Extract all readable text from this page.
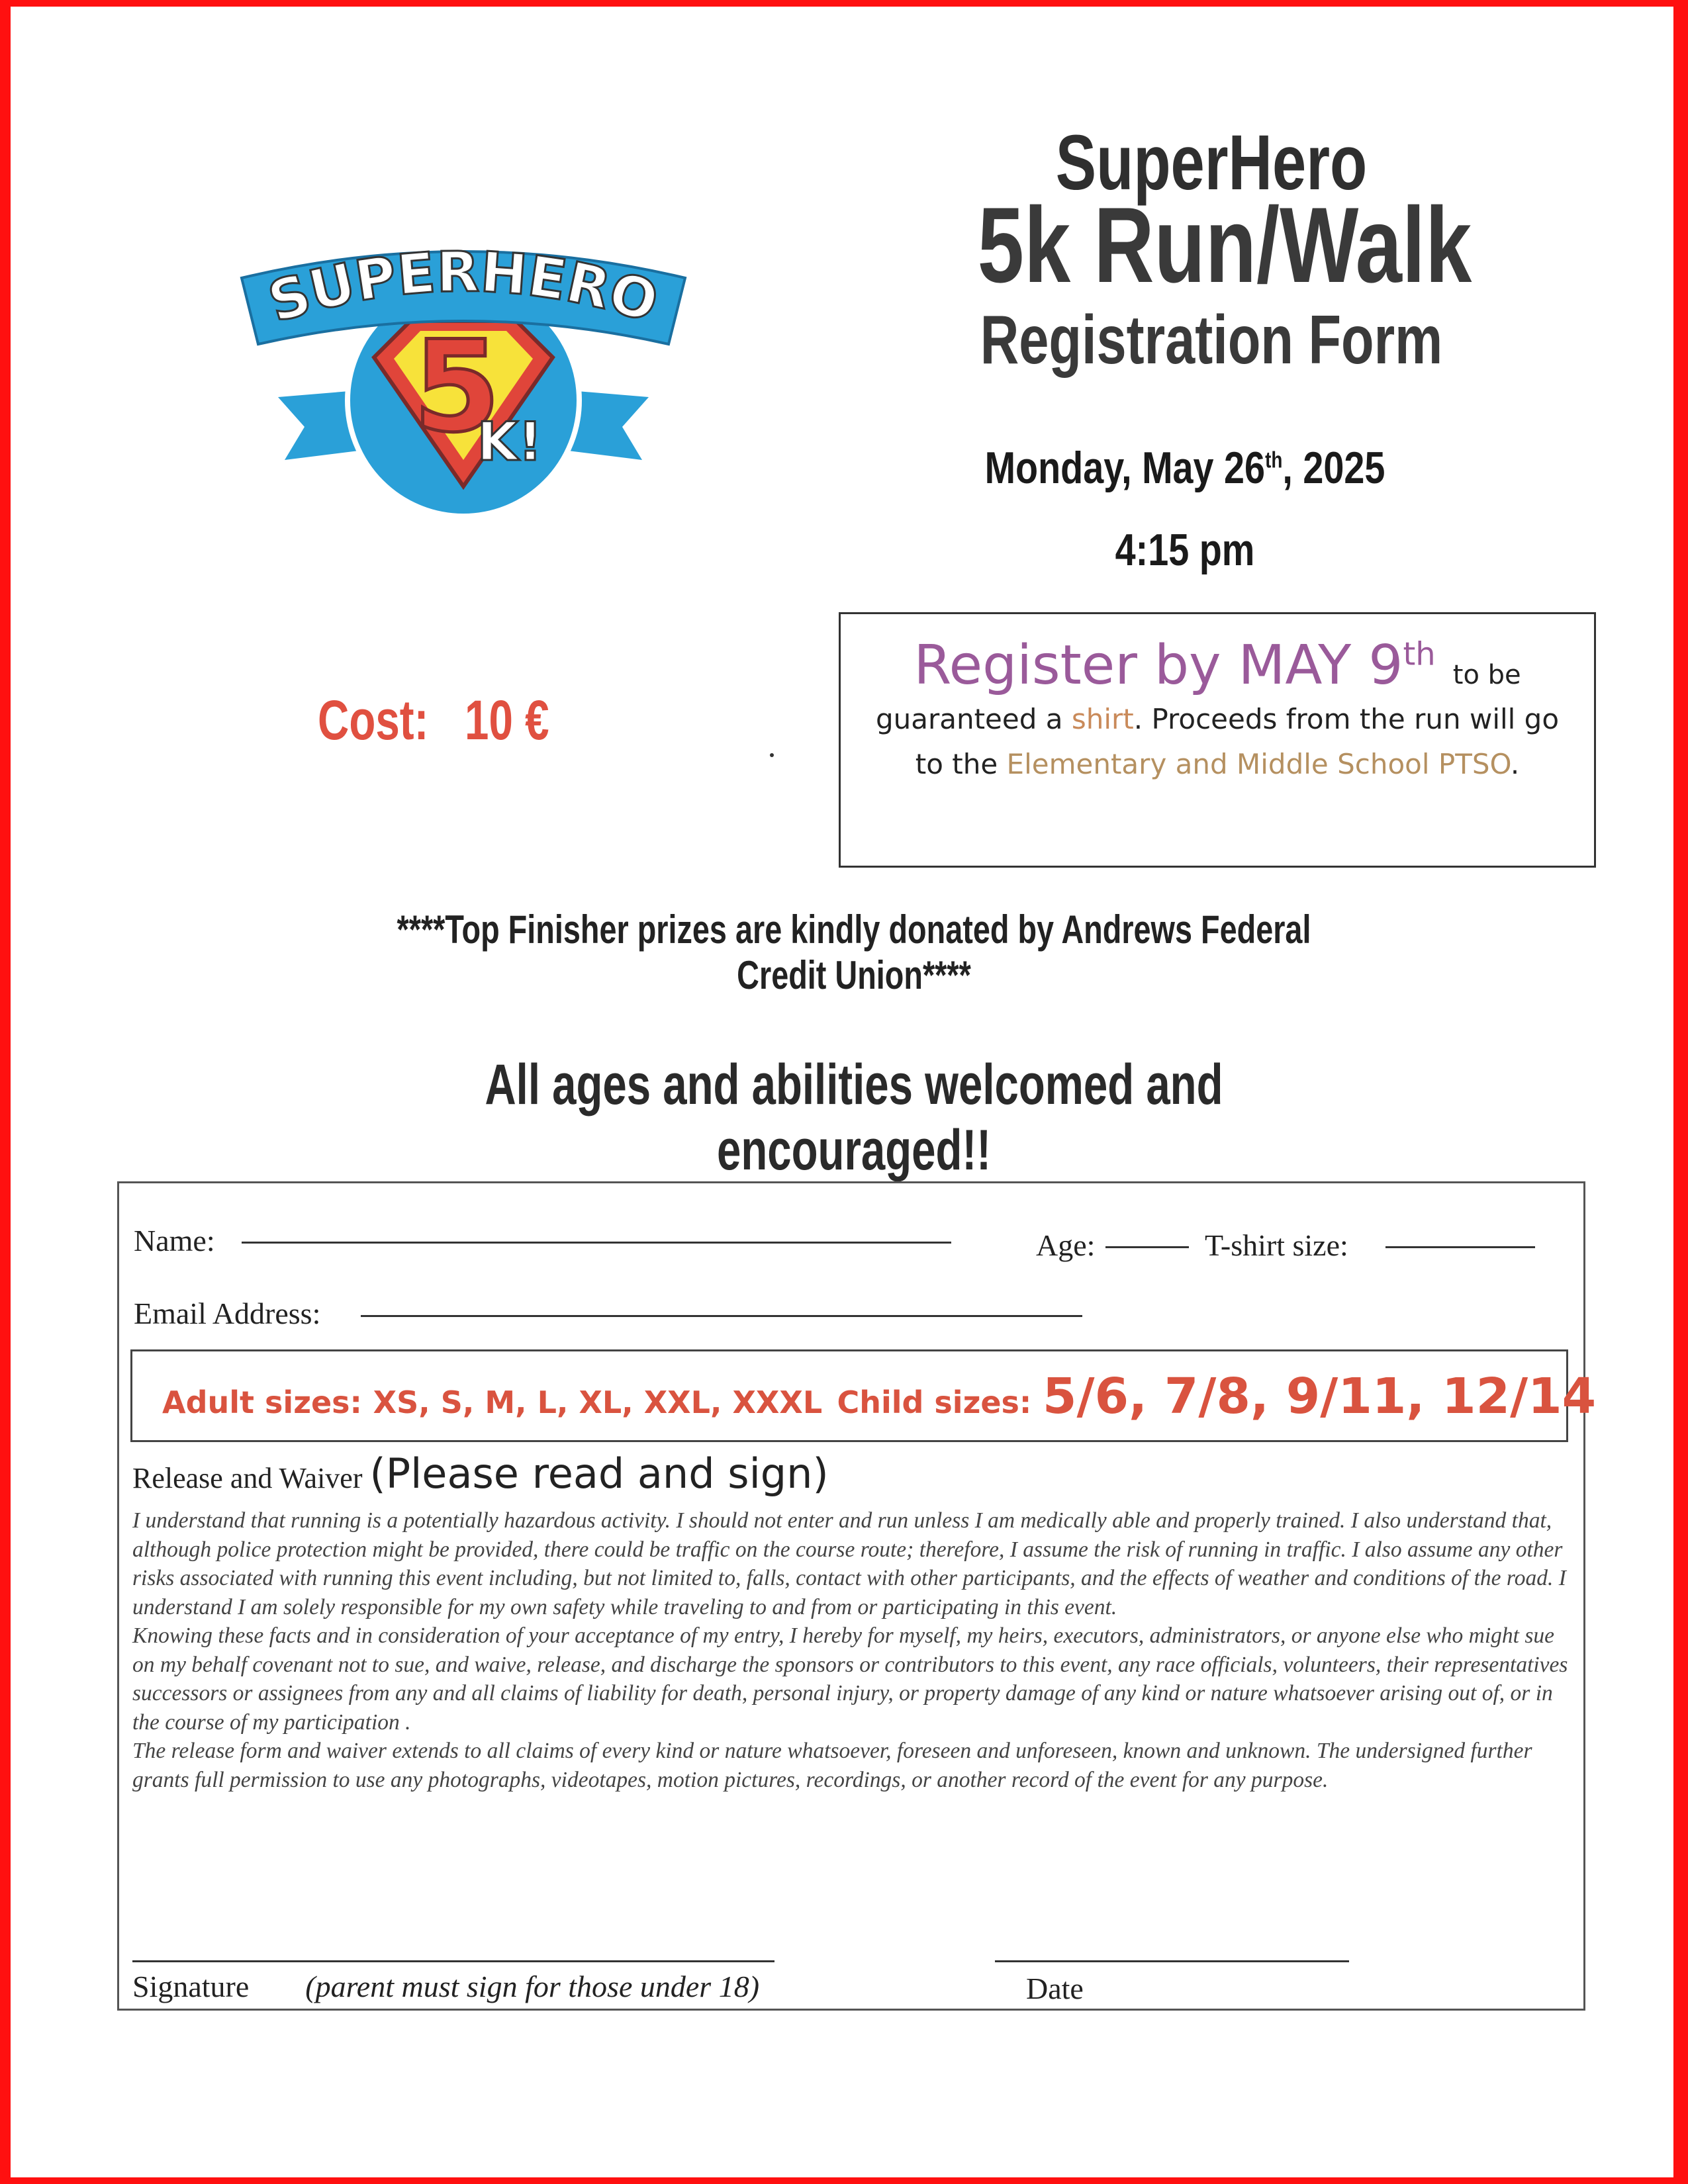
5
K!
SUPERHERO
SuperHero
5k Run/Walk
Registration Form
Monday, May 26th, 2025
4:15 pm
Cost:   10 €
Register by MAY 9th to be
guaranteed a shirt. Proceeds from the run will go to the Elementary and Middle School PTSO.
****Top Finisher prizes are kindly donated by Andrews Federal Credit Union****
All ages and abilities welcomed and encouraged!!
Name:	Age:	T-shirt size:
Email Address:
Adult sizes: XS, S, M, L, XL, XXL, XXXL Child sizes: 5/6, 7/8, 9/11, 12/14
Release and Waiver (Please read and sign)

I understand that running is a potentially hazardous activity. I should not enter and run unless I am medically able and properly trained. I also understand that, although police protection might be provided, there could be traffic on the course route; therefore, I assume the risk of running in traffic. I also assume any other risks associated with running this event including, but not limited to, falls, contact with other participants, and the effects of weather and conditions of the road. I understand I am solely responsible for my own safety while traveling to and from or participating in this event.

Knowing these facts and in consideration of your acceptance of my entry, I hereby for myself, my heirs, executors, administrators, or anyone else who might sue on my behalf covenant not to sue, and waive, release, and discharge the sponsors or contributors to this event, any race officials, volunteers, their representatives successors or assignees from any and all claims of liability for death, personal injury, or property damage of any kind or nature whatsoever arising out of, or in the course of my participation .

The release form and waiver extends to all claims of every kind or nature whatsoever, foreseen and unforeseen, known and unknown. The undersigned further grants full permission to use any photographs, videotapes, motion pictures, recordings, or another record of the event for any purpose.

Signature (parent must sign for those under 18)	Date
